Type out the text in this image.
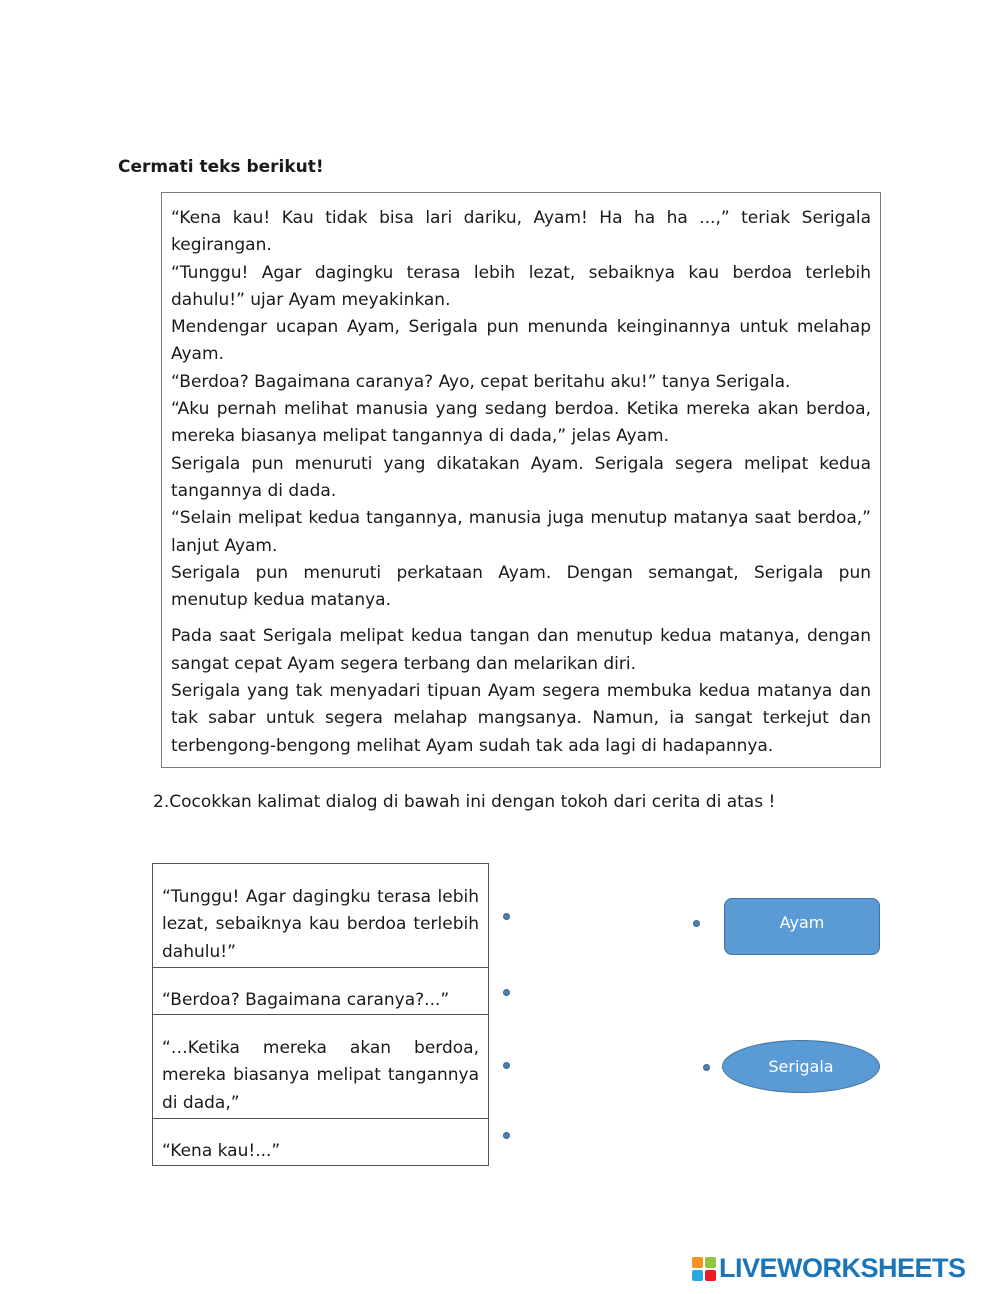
Cermati teks berikut!

“Kena kau! Kau tidak bisa lari dariku, Ayam! Ha ha ha ...,” teriak Serigala kegirangan.

“Tunggu! Agar dagingku terasa lebih lezat, sebaiknya kau berdoa terlebih dahulu!” ujar Ayam meyakinkan.

Mendengar ucapan Ayam, Serigala pun menunda keinginannya untuk melahap Ayam.

“Berdoa? Bagaimana caranya? Ayo, cepat beritahu aku!” tanya Serigala.

“Aku pernah melihat manusia yang sedang berdoa. Ketika mereka akan berdoa, mereka biasanya melipat tangannya di dada,” jelas Ayam.

Serigala pun menuruti yang dikatakan Ayam. Serigala segera melipat kedua tangannya di dada.

“Selain melipat kedua tangannya, manusia juga menutup matanya saat berdoa,” lanjut Ayam.

Serigala pun menuruti perkataan Ayam. Dengan semangat, Serigala pun menutup kedua matanya.

Pada saat Serigala melipat kedua tangan dan menutup kedua matanya, dengan sangat cepat Ayam segera terbang dan melarikan diri.

Serigala yang tak menyadari tipuan Ayam segera membuka kedua matanya dan tak sabar untuk segera melahap mangsanya. Namun, ia sangat terkejut dan terbengong-bengong melihat Ayam sudah tak ada lagi di hadapannya.

2.Cocokkan kalimat dialog di bawah ini dengan tokoh dari cerita di atas !

“Tunggu! Agar dagingku terasa lebih lezat, sebaiknya kau berdoa terlebih dahulu!”
“Berdoa? Bagaimana caranya?...”
“…Ketika mereka akan berdoa, mereka biasanya melipat tangannya di dada,”
“Kena kau!...”
Ayam
Serigala
LIVEWORKSHEETS
